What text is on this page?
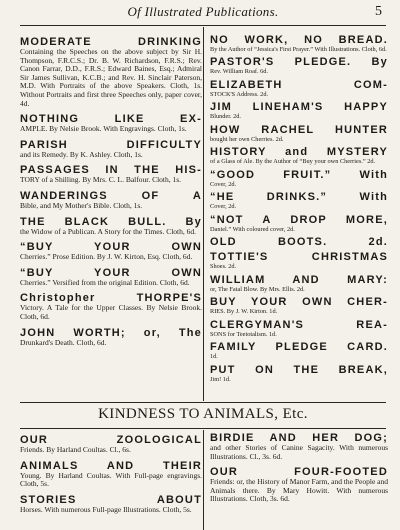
Of Illustrated Publications.	5
MODERATE DRINKING
Containing the Speeches on the above subject by Sir H. Thompson, F.R.C.S.; Dr. B. W. Richardson, F.R.S.; Rev. Canon Farrar, D.D., F.R.S.; Edward Baines, Esq.; Admiral Sir James Sullivan, K.C.B.; and Rev. H. Sinclair Paterson, M.D. With Portraits of the above Speakers. Cloth, 1s. Without Portraits and first three Speeches only, paper cover, 4d.
NOTHING LIKE EX-
AMPLE. By Nelsie Brook. With Engravings. Cloth, 1s.
PARISH DIFFICULTY
and its Remedy. By K. Ashley. Cloth, 1s.
PASSAGES IN THE HIS-
TORY of a Shilling. By Mrs. C. L. Balfour. Cloth, 1s.
WANDERINGS OF A
Bible, and My Mother's Bible. Cloth, 1s.
THE BLACK BULL. By
the Widow of a Publican. A Story for the Times. Cloth, 6d.
“BUY YOUR OWN
Cherries.” Prose Edition. By J. W. Kirton, Esq. Cloth, 6d.
“BUY YOUR OWN
Cherries.” Versified from the original Edition. Cloth, 6d.
Christopher THORPE'S
Victory. A Tale for the Upper Classes. By Nelsie Brook. Cloth, 6d.
JOHN WORTH; or, The
Drunkard's Death. Cloth, 6d.
NO WORK, NO BREAD.
By the Author of “Jessica's First Prayer.” With Illustrations. Cloth, 6d.
PASTOR'S PLEDGE. By
Rev. William Roaf. 6d.
ELIZABETH COM-
STOCK'S Address. 2d.
JIM LINEHAM'S HAPPY
Blunder. 2d.
HOW RACHEL HUNTER
bought her own Cherries. 2d.
HISTORY and MYSTERY
of a Glass of Ale. By the Author of “Buy your own Cherries.” 2d.
“GOOD FRUIT.” With
Cover, 2d.
“HE DRINKS.” With
Cover, 2d.
“NOT A DROP MORE,
Daniel.” With coloured cover, 2d.
OLD BOOTS. 2d.
TOTTIE'S CHRISTMAS
Shoes. 2d.
WILLIAM AND MARY:
or, The Fatal Blow. By Mrs. Ellis. 2d.
BUY YOUR OWN CHER-
RIES. By J. W. Kirton. 1d.
CLERGYMAN'S REA-
SONS for Teetotalism. 1d.
FAMILY PLEDGE CARD.
1d.
PUT ON THE BREAK,
Jim! 1d.
KINDNESS TO ANIMALS, Etc.
OUR ZOOLOGICAL
Friends. By Harland Coultas. Cl., 6s.
ANIMALS AND THEIR
Young. By Harland Coultas. With Full-page engravings. Cloth, 5s.
STORIES ABOUT
Horses. With numerous Full-page Illustrations. Cloth, 5s.
BIRDIE AND HER DOG;
and other Stories of Canine Sagacity. With numerous Illustrations. Cl., 3s. 6d.
OUR FOUR-FOOTED
Friends: or, the History of Manor Farm, and the People and Animals there. By Mary Howitt. With numerous Illustrations. Cloth, 3s. 6d.
